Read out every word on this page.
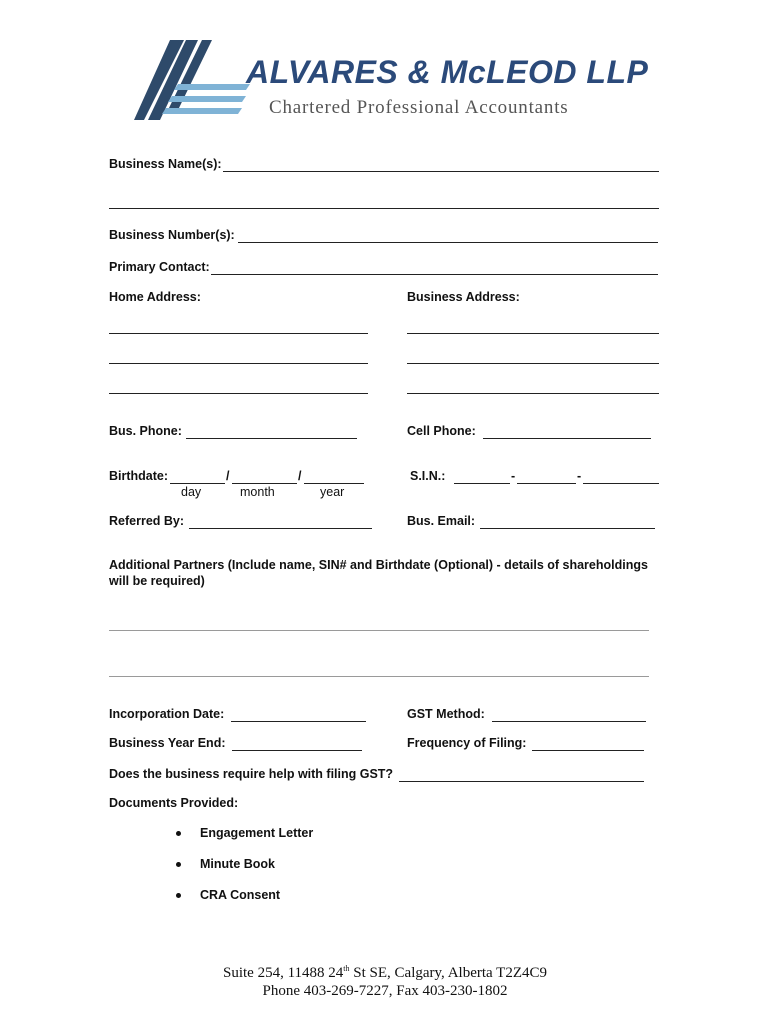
ALVARES & McLEOD LLP
Chartered Professional Accountants
Business Name(s):
Business Number(s):
Primary Contact:
Home Address:	Business Address:
Bus. Phone:	Cell Phone:
Birthdate:	/	/
day	month	year
S.I.N.:	-	-
Referred By:	Bus. Email:
Additional Partners (Include name, SIN# and Birthdate (Optional) - details of shareholdings
will be required)
Incorporation Date:	GST Method:
Business Year End:	Frequency of Filing:
Does the business require help with filing GST?
Documents Provided:
Engagement Letter
Minute Book
CRA Consent
Suite 254, 11488 24th St SE, Calgary, Alberta T2Z4C9
Phone 403-269-7227, Fax 403-230-1802
